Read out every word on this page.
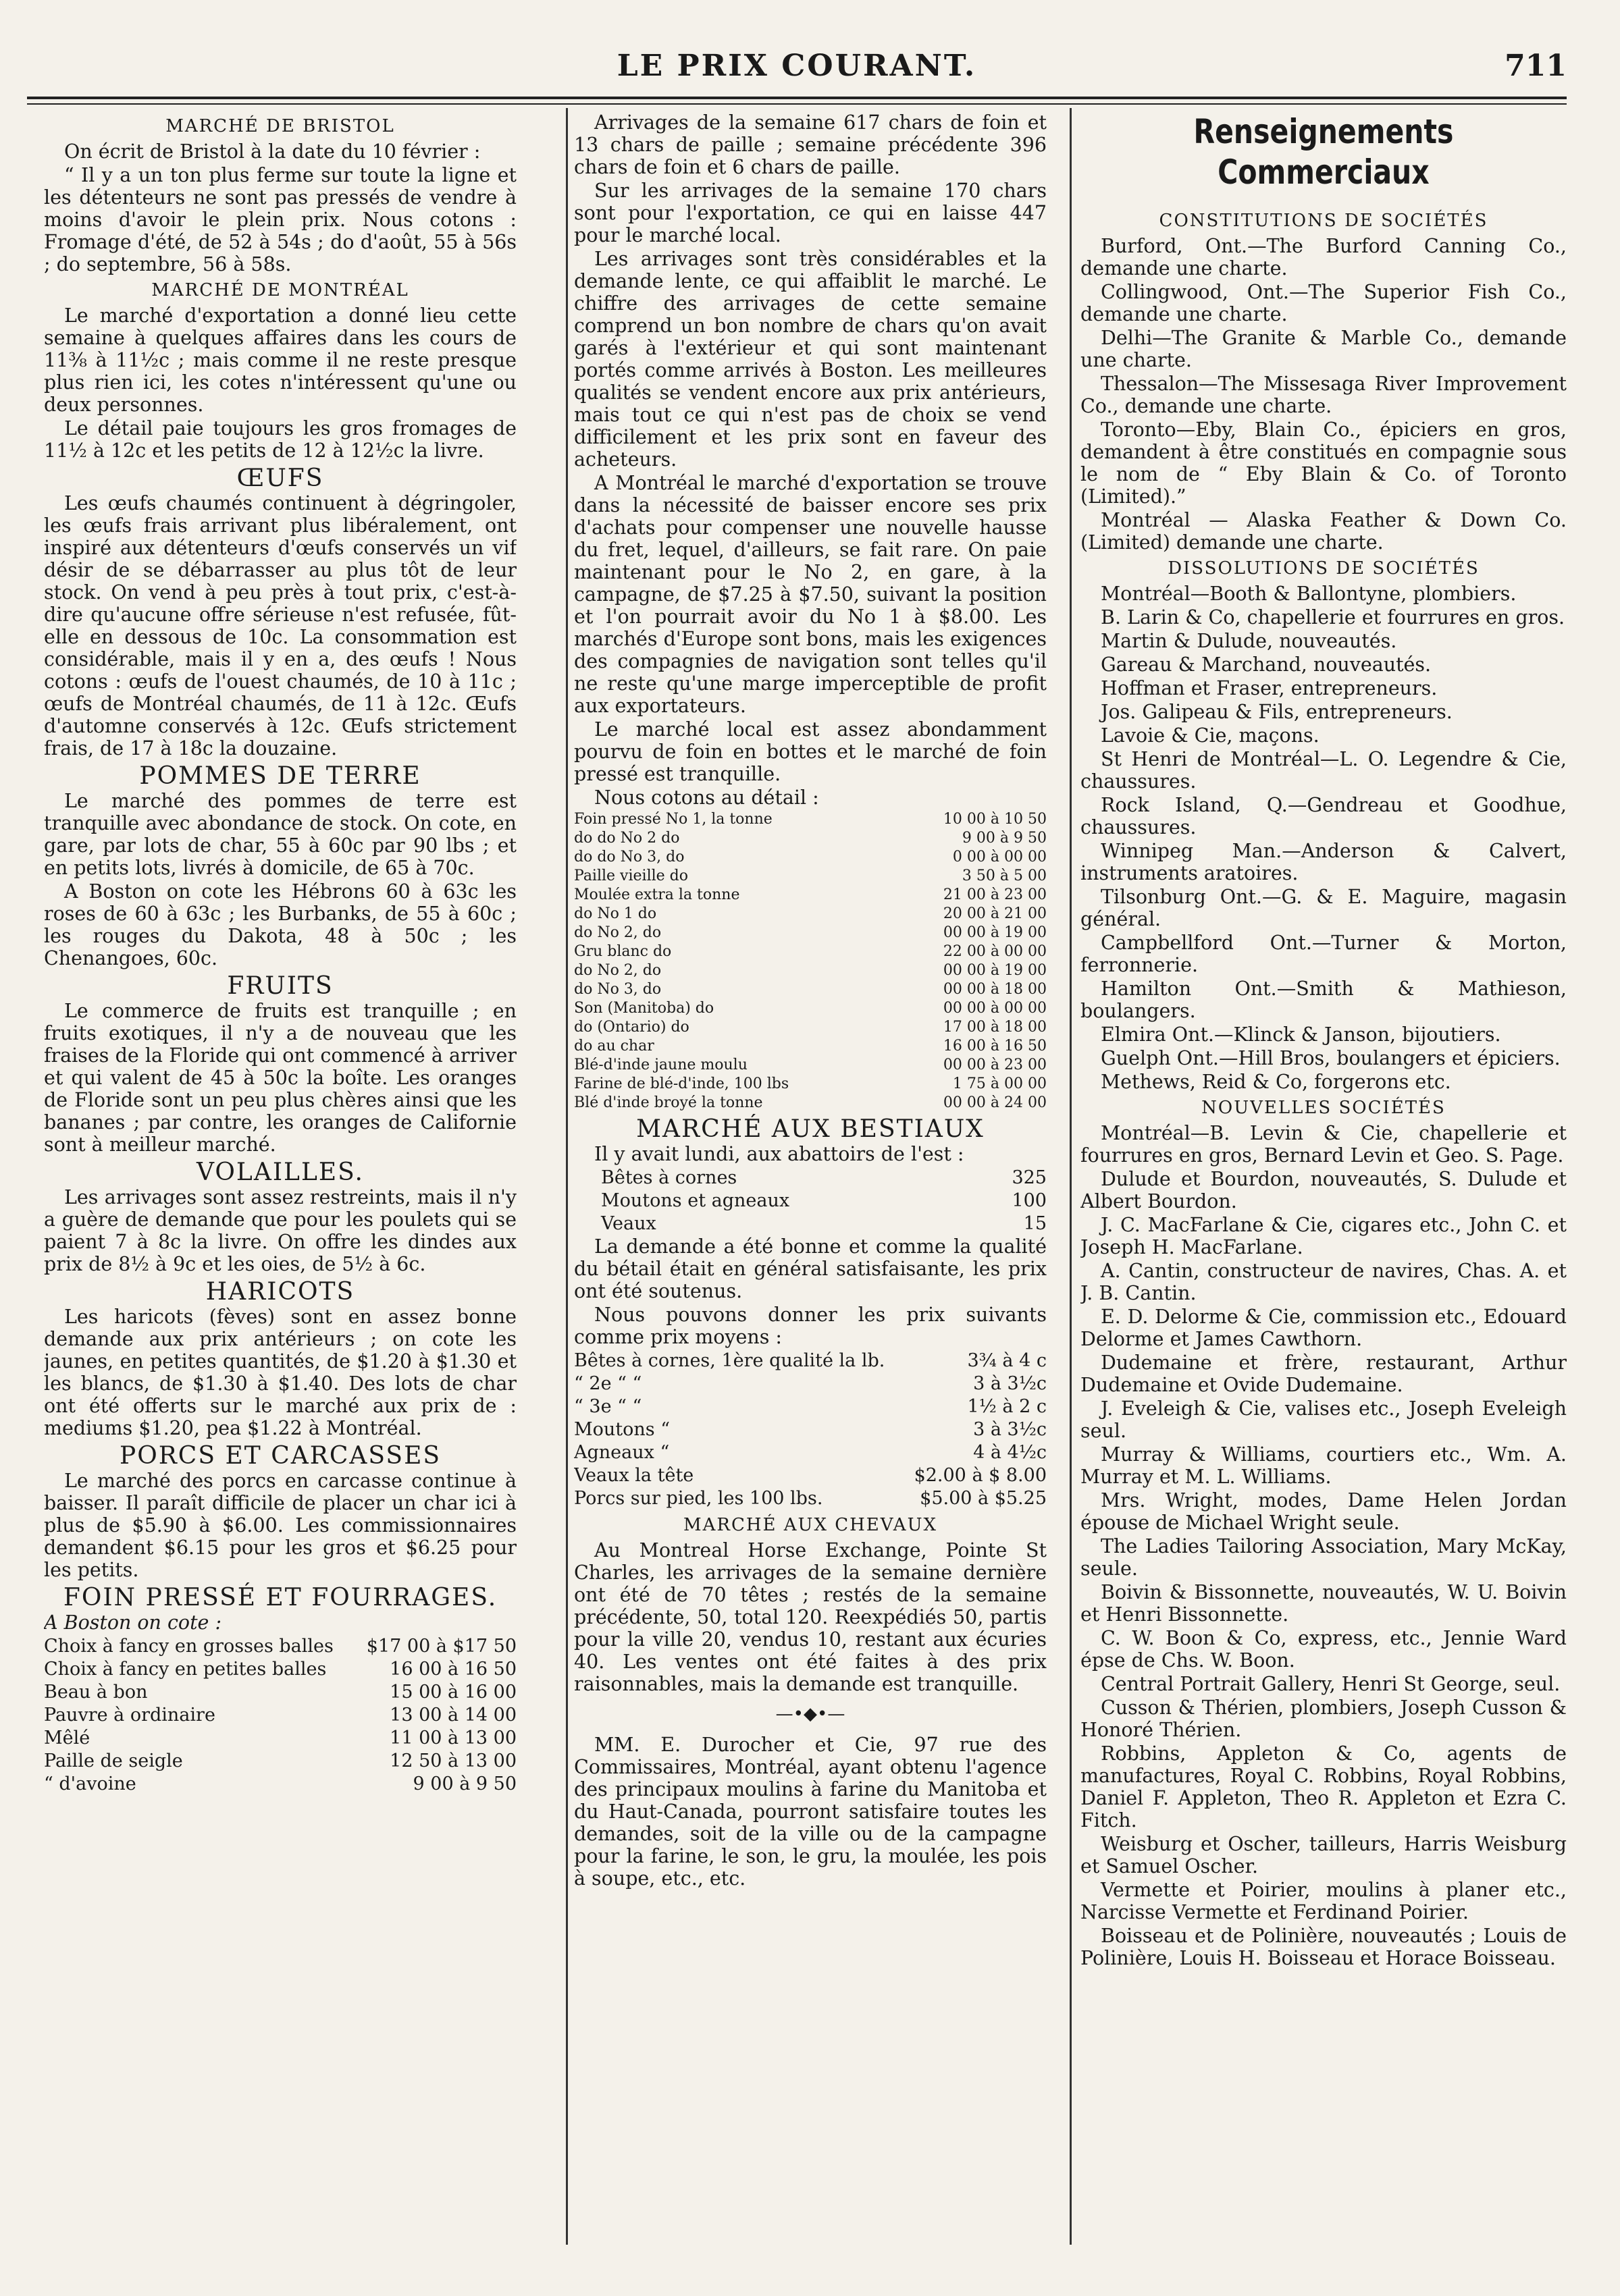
LE PRIX COURANT.	711
MARCHÉ DE BRISTOL

On écrit de Bristol à la date du 10 février :

“ Il y a un ton plus ferme sur toute la ligne et les détenteurs ne sont pas pressés de vendre à moins d'avoir le plein prix. Nous cotons : Fromage d'été, de 52 à 54s ; do d'août, 55 à 56s ; do septembre, 56 à 58s.

MARCHÉ DE MONTRÉAL

Le marché d'exportation a donné lieu cette semaine à quelques affaires dans les cours de 11⅜ à 11½c ; mais comme il ne reste presque plus rien ici, les cotes n'intéressent qu'une ou deux personnes.

Le détail paie toujours les gros fromages de 11½ à 12c et les petits de 12 à 12½c la livre.

ŒUFS

Les œufs chaumés continuent à dégringoler, les œufs frais arrivant plus libéralement, ont inspiré aux détenteurs d'œufs conservés un vif désir de se débarrasser au plus tôt de leur stock. On vend à peu près à tout prix, c'est-à-dire qu'aucune offre sérieuse n'est refusée, fût-elle en dessous de 10c. La consommation est considérable, mais il y en a, des œufs ! Nous cotons : œufs de l'ouest chaumés, de 10 à 11c ; œufs de Montréal chaumés, de 11 à 12c. Œufs d'automne conservés à 12c. Œufs strictement frais, de 17 à 18c la douzaine.

POMMES DE TERRE

Le marché des pommes de terre est tranquille avec abondance de stock. On cote, en gare, par lots de char, 55 à 60c par 90 lbs ; et en petits lots, livrés à domicile, de 65 à 70c.

A Boston on cote les Hébrons 60 à 63c les roses de 60 à 63c ; les Burbanks, de 55 à 60c ; les rouges du Dakota, 48 à 50c ; les Chenangoes, 60c.

FRUITS

Le commerce de fruits est tranquille ; en fruits exotiques, il n'y a de nouveau que les fraises de la Floride qui ont commencé à arriver et qui valent de 45 à 50c la boîte. Les oranges de Floride sont un peu plus chères ainsi que les bananes ; par contre, les oranges de Californie sont à meilleur marché.

VOLAILLES.

Les arrivages sont assez restreints, mais il n'y a guère de demande que pour les poulets qui se paient 7 à 8c la livre. On offre les dindes aux prix de 8½ à 9c et les oies, de 5½ à 6c.

HARICOTS

Les haricots (fèves) sont en assez bonne demande aux prix antérieurs ; on cote les jaunes, en petites quantités, de $1.20 à $1.30 et les blancs, de $1.30 à $1.40. Des lots de char ont été offerts sur le marché aux prix de : mediums $1.20, pea $1.22 à Montréal.

PORCS ET CARCASSES

Le marché des porcs en carcasse continue à baisser. Il paraît difficile de placer un char ici à plus de $5.90 à $6.00. Les commissionnaires demandent $6.15 pour les gros et $6.25 pour les petits.

FOIN PRESSÉ ET FOURRAGES.

A Boston on cote :

Choix à fancy en grosses balles $17 00 à $17 50
Choix à fancy en petites balles	16 00 à 16 50
Beau à bon	15 00 à 16 00
Pauvre à ordinaire	13 00 à 14 00
Mêlé	11 00 à 13 00
Paille de seigle	12 50 à 13 00
“ d'avoine	9 00 à 9 50

Arrivages de la semaine 617 chars de foin et 13 chars de paille ; semaine précédente 396 chars de foin et 6 chars de paille.

Sur les arrivages de la semaine 170 chars sont pour l'exportation, ce qui en laisse 447 pour le marché local.

Les arrivages sont très considérables et la demande lente, ce qui affaiblit le marché. Le chiffre des arrivages de cette semaine comprend un bon nombre de chars qu'on avait garés à l'extérieur et qui sont maintenant portés comme arrivés à Boston. Les meilleures qualités se vendent encore aux prix antérieurs, mais tout ce qui n'est pas de choix se vend difficilement et les prix sont en faveur des acheteurs.

A Montréal le marché d'exportation se trouve dans la nécessité de baisser encore ses prix d'achats pour compenser une nouvelle hausse du fret, lequel, d'ailleurs, se fait rare. On paie maintenant pour le No 2, en gare, à la campagne, de $7.25 à $7.50, suivant la position et l'on pourrait avoir du No 1 à $8.00. Les marchés d'Europe sont bons, mais les exigences des compagnies de navigation sont telles qu'il ne reste qu'une marge imperceptible de profit aux exportateurs.

Le marché local est assez abondamment pourvu de foin en bottes et le marché de foin pressé est tranquille.

Nous cotons au détail :

Foin pressé No 1, la tonne	10 00 à 10 50
do do No 2 do	9 00 à 9 50
do do No 3, do	0 00 à 00 00
Paille vieille do	3 50 à 5 00
Moulée extra la tonne	21 00 à 23 00
do No 1 do	20 00 à 21 00
do No 2, do	00 00 à 19 00
Gru blanc do	22 00 à 00 00
do No 2, do	00 00 à 19 00
do No 3, do	00 00 à 18 00
Son (Manitoba) do	00 00 à 00 00
do (Ontario) do	17 00 à 18 00
do au char	16 00 à 16 50
Blé-d'inde jaune moulu	00 00 à 23 00
Farine de blé-d'inde, 100 lbs	1 75 à 00 00
Blé d'inde broyé la tonne	00 00 à 24 00
MARCHÉ AUX BESTIAUX

Il y avait lundi, aux abattoirs de l'est :

Bêtes à cornes	325
Moutons et agneaux	100
Veaux	15

La demande a été bonne et comme la qualité du bétail était en général satisfaisante, les prix ont été soutenus.

Nous pouvons donner les prix suivants comme prix moyens :

Bêtes à cornes, 1ère qualité la lb.	3¾ à 4 c
“ 2e “ “	3 à 3½c
“ 3e “ “	1½ à 2 c
Moutons “	3 à 3½c
Agneaux “	4 à 4½c
Veaux la tête	$2.00 à $ 8.00
Porcs sur pied, les 100 lbs.	$5.00 à $5.25
MARCHÉ AUX CHEVAUX

Au Montreal Horse Exchange, Pointe St Charles, les arrivages de la semaine dernière ont été de 70 têtes ; restés de la semaine précédente, 50, total 120. Reexpédiés 50, partis pour la ville 20, vendus 10, restant aux écuries 40. Les ventes ont été faites à des prix raisonnables, mais la demande est tranquille.

—•◆•—

MM. E. Durocher et Cie, 97 rue des Commissaires, Montréal, ayant obtenu l'agence des principaux moulins à farine du Manitoba et du Haut-Canada, pourront satisfaire toutes les demandes, soit de la ville ou de la campagne pour la farine, le son, le gru, la moulée, les pois à soupe, etc., etc.

Renseignements Commerciaux
CONSTITUTIONS DE SOCIÉTÉS

Burford, Ont.—The Burford Canning Co., demande une charte.

Collingwood, Ont.—The Superior Fish Co., demande une charte.

Delhi—The Granite & Marble Co., demande une charte.

Thessalon—The Missesaga River Improvement Co., demande une charte.

Toronto—Eby, Blain Co., épiciers en gros, demandent à être constitués en compagnie sous le nom de “ Eby Blain & Co. of Toronto (Limited).”

Montréal — Alaska Feather & Down Co. (Limited) demande une charte.

DISSOLUTIONS DE SOCIÉTÉS

Montréal—Booth & Ballontyne, plombiers.

B. Larin & Co, chapellerie et fourrures en gros.

Martin & Dulude, nouveautés.

Gareau & Marchand, nouveautés.

Hoffman et Fraser, entrepreneurs.

Jos. Galipeau & Fils, entrepreneurs.

Lavoie & Cie, maçons.

St Henri de Montréal—L. O. Legendre & Cie, chaussures.

Rock Island, Q.—Gendreau et Goodhue, chaussures.

Winnipeg Man.—Anderson & Calvert, instruments aratoires.

Tilsonburg Ont.—G. & E. Maguire, magasin général.

Campbellford Ont.—Turner & Morton, ferronnerie.

Hamilton Ont.—Smith & Mathieson, boulangers.

Elmira Ont.—Klinck & Janson, bijoutiers.

Guelph Ont.—Hill Bros, boulangers et épiciers.

Methews, Reid & Co, forgerons etc.

NOUVELLES SOCIÉTÉS

Montréal—B. Levin & Cie, chapellerie et fourrures en gros, Bernard Levin et Geo. S. Page.

Dulude et Bourdon, nouveautés, S. Dulude et Albert Bourdon.

J. C. MacFarlane & Cie, cigares etc., John C. et Joseph H. MacFarlane.

A. Cantin, constructeur de navires, Chas. A. et J. B. Cantin.

E. D. Delorme & Cie, commission etc., Edouard Delorme et James Cawthorn.

Dudemaine et frère, restaurant, Arthur Dudemaine et Ovide Dudemaine.

J. Eveleigh & Cie, valises etc., Joseph Eveleigh seul.

Murray & Williams, courtiers etc., Wm. A. Murray et M. L. Williams.

Mrs. Wright, modes, Dame Helen Jordan épouse de Michael Wright seule.

The Ladies Tailoring Association, Mary McKay, seule.

Boivin & Bissonnette, nouveautés, W. U. Boivin et Henri Bissonnette.

C. W. Boon & Co, express, etc., Jennie Ward épse de Chs. W. Boon.

Central Portrait Gallery, Henri St George, seul.

Cusson & Thérien, plombiers, Joseph Cusson & Honoré Thérien.

Robbins, Appleton & Co, agents de manufactures, Royal C. Robbins, Royal Robbins, Daniel F. Appleton, Theo R. Appleton et Ezra C. Fitch.

Weisburg et Oscher, tailleurs, Harris Weisburg et Samuel Oscher.

Vermette et Poirier, moulins à planer etc., Narcisse Vermette et Ferdinand Poirier.

Boisseau et de Polinière, nouveautés ; Louis de Polinière, Louis H. Boisseau et Horace Boisseau.
